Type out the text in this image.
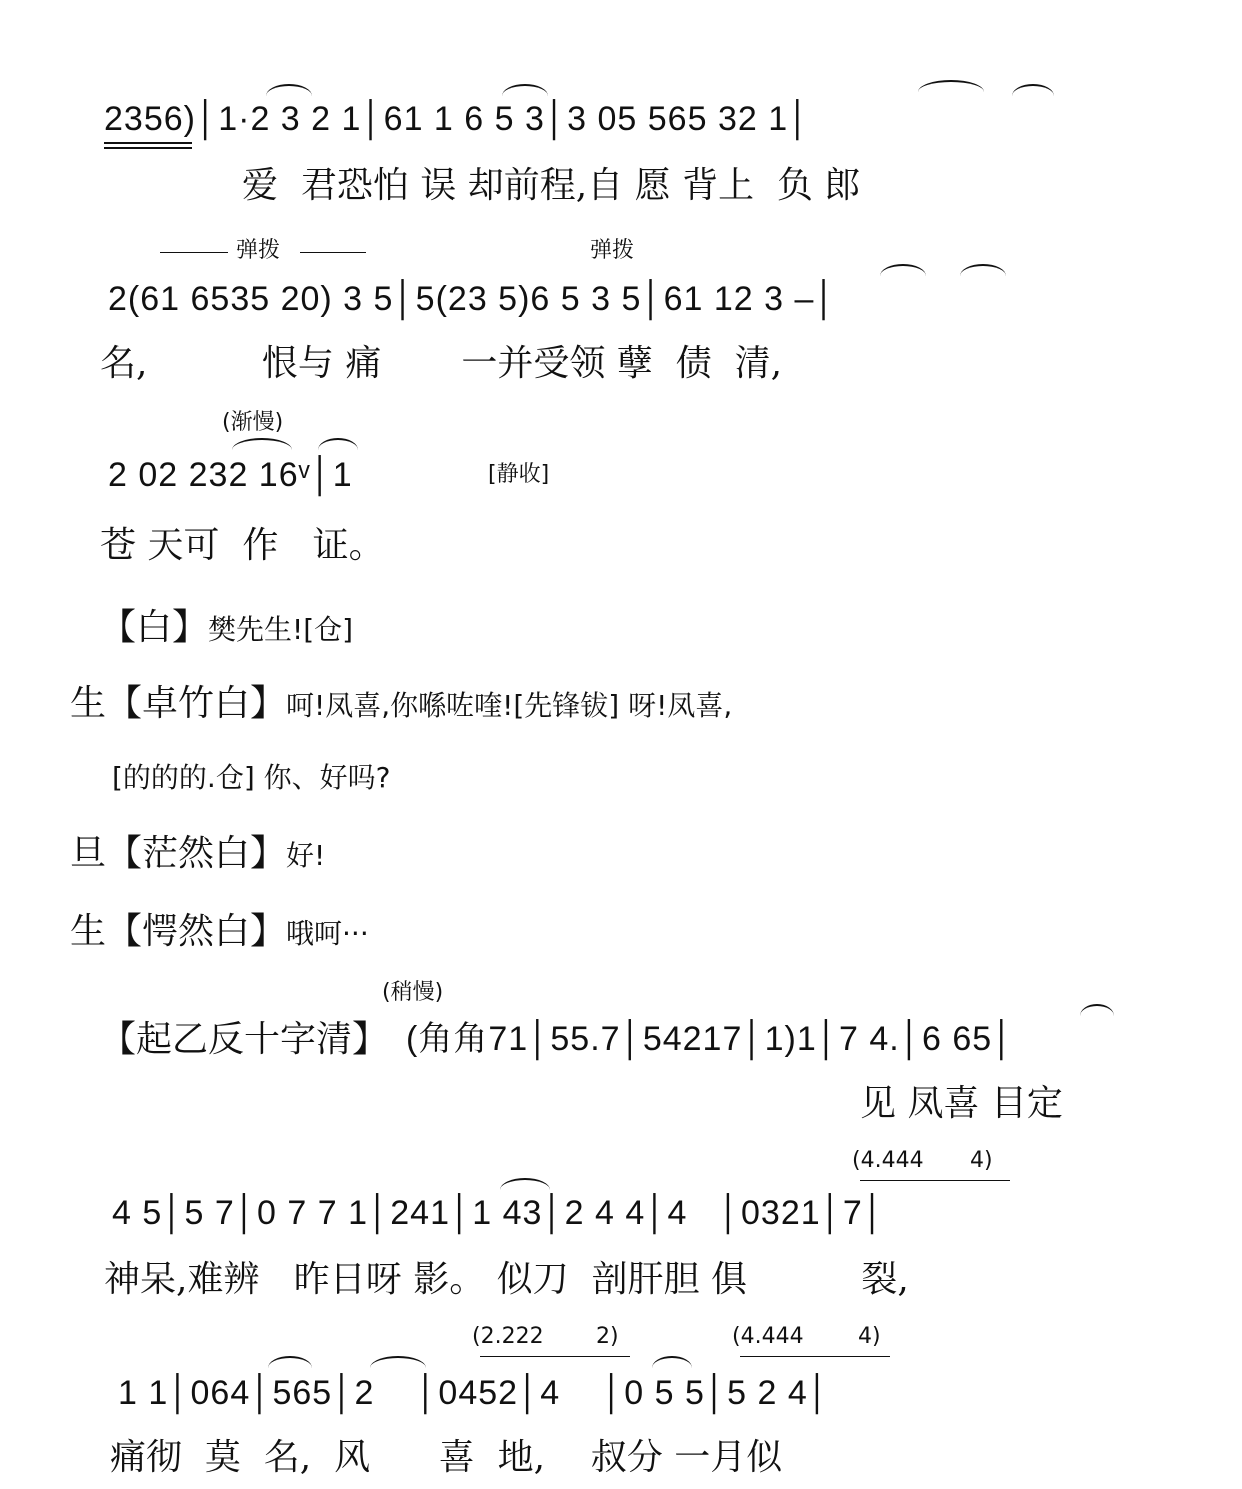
2356)│1·2 3 2 1│61 1 6 5 3│3 05 565 32 1│
爱  君恐怕 误 却前程,自 愿 背上  负 郎
弹拨	弹拨
2(61 6535 20) 3 5│5(23 5)6 5 3 5│61 12 3 –│
名,          恨与 痛       一并受领 孽  债  清,
(渐慢)
2 02 232 16ᵛ│1	[静收]
苍 天可  作   证。
【白】樊先生![仓]
生【卓竹白】呵!凤喜,你喺咗喹![先锋钹] 呀!凤喜,
[的的的.仓] 你、好吗?
旦【茫然白】好!
生【愕然白】哦呵···
(稍慢)
【起乙反十字清】 (角角71│55.7│54217│1)1│7 4.│6 65│
见 凤喜 目定
(4.444 4)
4 5│5 7│0 7 7 1│241│1 43│2 4 4│4   │0321│7│
神呆,难辨   昨日呀 影。 似刀  剖肝胆 俱          裂,
(2.222 2)	(4.444 4)
1 1│064│565│2    │0452│4    │0 5 5│5 2 4│
痛彻  莫  名,  风      喜  地,    叔分 一月似
